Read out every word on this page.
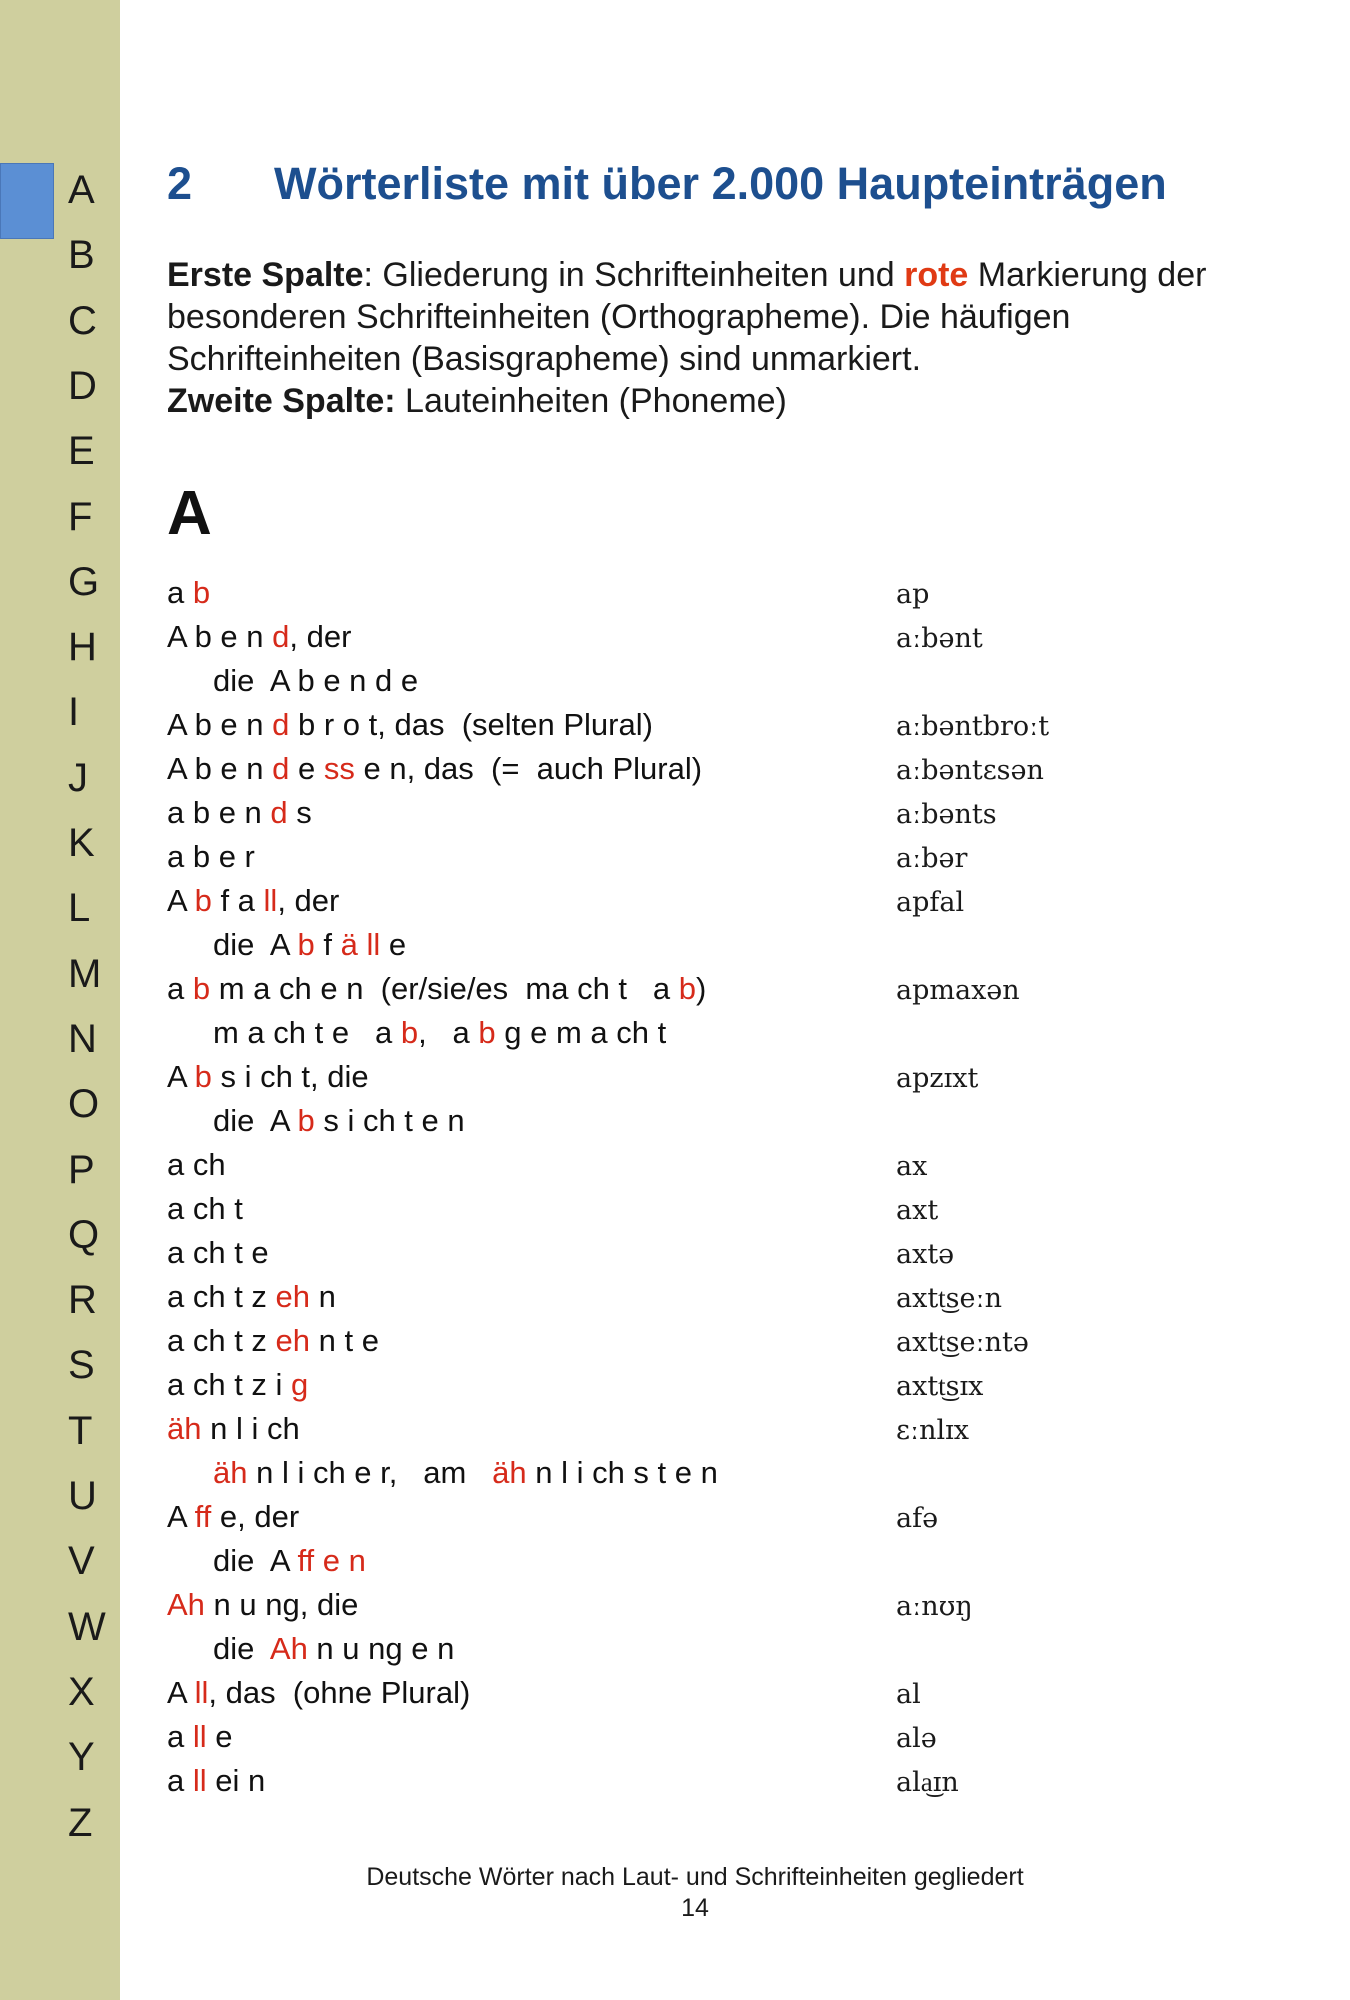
A
B
C
D
E
F
G
H
I
J
K
L
M
N
O
P
Q
R
S
T
U
V
W
X
Y
Z
2 Wörterliste mit über 2.000 Haupteinträgen
Erste Spalte: Gliederung in Schrifteinheiten und rote Markierung der besonderen Schrifteinheiten (Orthographeme). Die häufigen Schrifteinheiten (Basisgrapheme) sind unmarkiert.
Zweite Spalte: Lauteinheiten (Phoneme)
A
a b	ap
A b e n d, der	aːbənt
die  A b e n d e
A b e n d b r o t, das  (selten Plural)	aːbəntbroːt
A b e n d e ss e n, das  (=  auch Plural)	aːbəntɛsən
a b e n d s	aːbənts
a b e r	aːbər
A b f a ll, der	apfal
die  A b f ä ll e
a b m a ch e n  (er/sie/es  ma ch t   a b)	apmaxən
m a ch t e   a b,   a b g e m a ch t
A b s i ch t, die	apzɪxt
die  A b s i ch t e n
a ch	ax
a ch t	axt
a ch t e	axtə
a ch t z eh n	axtt͜seːn
a ch t z eh n t e	axtt͜seːntə
a ch t z i g	axtt͜sɪx
äh n l i ch	ɛːnlɪx
äh n l i ch e r,   am   äh n l i ch s t e n
A ff e, der	afə
die  A ff e n
Ah n u ng, die	aːnʊŋ
die  Ah n u ng e n
A ll, das  (ohne Plural)	al
a ll e	alə
a ll ei n	ala͜ɪn
Deutsche Wörter nach Laut- und Schrifteinheiten gegliedert
14
